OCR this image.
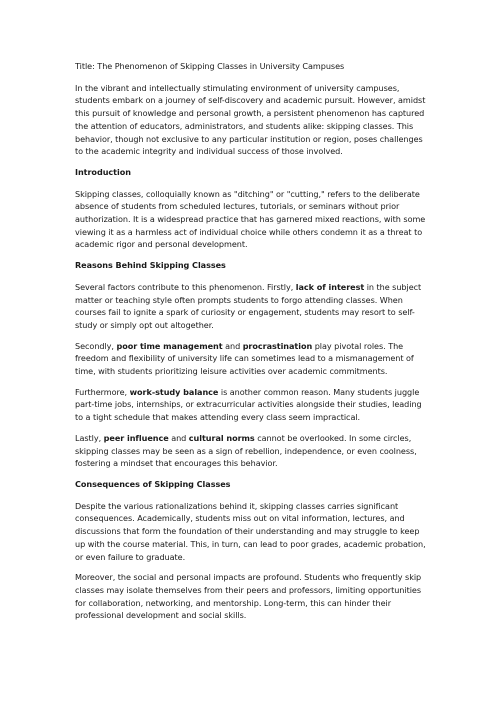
Title: The Phenomenon of Skipping Classes in University Campuses

In the vibrant and intellectually stimulating environment of university campuses, students embark on a journey of self-discovery and academic pursuit. However, amidst this pursuit of knowledge and personal growth, a persistent phenomenon has captured the attention of educators, administrators, and students alike: skipping classes. This behavior, though not exclusive to any particular institution or region, poses challenges to the academic integrity and individual success of those involved.

Introduction

Skipping classes, colloquially known as "ditching" or "cutting," refers to the deliberate absence of students from scheduled lectures, tutorials, or seminars without prior authorization. It is a widespread practice that has garnered mixed reactions, with some viewing it as a harmless act of individual choice while others condemn it as a threat to academic rigor and personal development.

Reasons Behind Skipping Classes

Several factors contribute to this phenomenon. Firstly, lack of interest in the subject matter or teaching style often prompts students to forgo attending classes. When courses fail to ignite a spark of curiosity or engagement, students may resort to self-study or simply opt out altogether.

Secondly, poor time management and procrastination play pivotal roles. The freedom and flexibility of university life can sometimes lead to a mismanagement of time, with students prioritizing leisure activities over academic commitments.

Furthermore, work-study balance is another common reason. Many students juggle part-time jobs, internships, or extracurricular activities alongside their studies, leading to a tight schedule that makes attending every class seem impractical.

Lastly, peer influence and cultural norms cannot be overlooked. In some circles, skipping classes may be seen as a sign of rebellion, independence, or even coolness, fostering a mindset that encourages this behavior.

Consequences of Skipping Classes

Despite the various rationalizations behind it, skipping classes carries significant consequences. Academically, students miss out on vital information, lectures, and discussions that form the foundation of their understanding and may struggle to keep up with the course material. This, in turn, can lead to poor grades, academic probation, or even failure to graduate.

Moreover, the social and personal impacts are profound. Students who frequently skip classes may isolate themselves from their peers and professors, limiting opportunities for collaboration, networking, and mentorship. Long-term, this can hinder their professional development and social skills.
